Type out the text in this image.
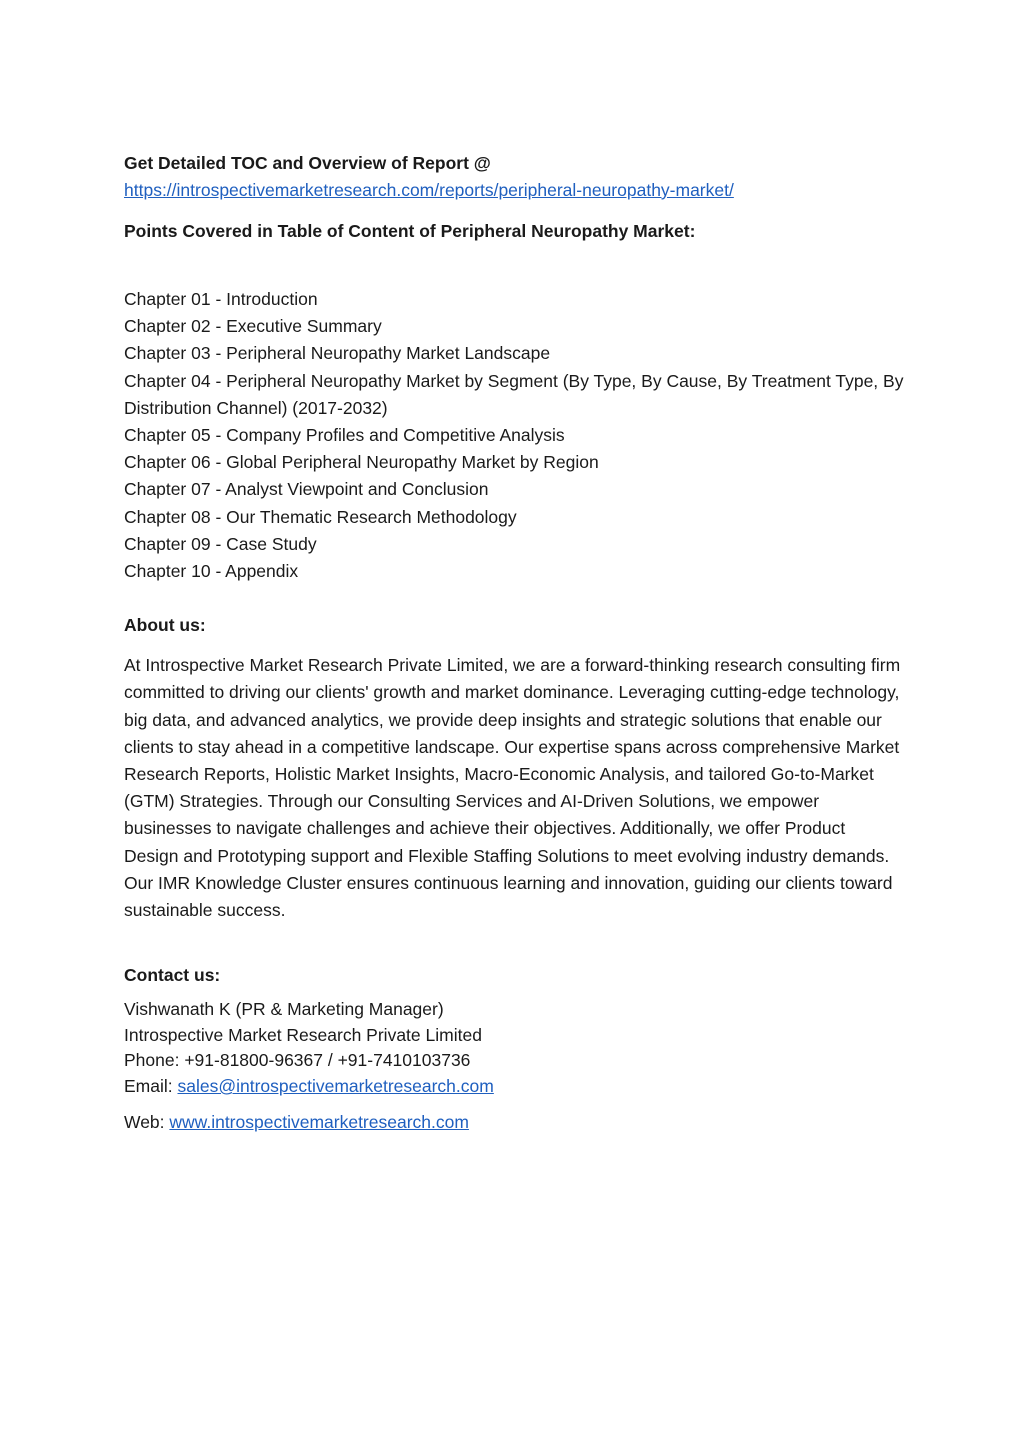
Get Detailed TOC and Overview of Report @

https://introspectivemarketresearch.com/reports/peripheral-neuropathy-market/

Points Covered in Table of Content of Peripheral Neuropathy Market:

Chapter 01 - Introduction
Chapter 02 - Executive Summary
Chapter 03 - Peripheral Neuropathy Market Landscape
Chapter 04 - Peripheral Neuropathy Market by Segment (By Type, By Cause, By Treatment Type, By Distribution Channel) (2017-2032)
Chapter 05 - Company Profiles and Competitive Analysis
Chapter 06 - Global Peripheral Neuropathy Market by Region
Chapter 07 - Analyst Viewpoint and Conclusion
Chapter 08 - Our Thematic Research Methodology
Chapter 09 - Case Study
Chapter 10 - Appendix

About us:

At Introspective Market Research Private Limited, we are a forward-thinking research consulting firm committed to driving our clients' growth and market dominance. Leveraging cutting-edge technology, big data, and advanced analytics, we provide deep insights and strategic solutions that enable our clients to stay ahead in a competitive landscape. Our expertise spans across comprehensive Market Research Reports, Holistic Market Insights, Macro-Economic Analysis, and tailored Go-to-Market (GTM) Strategies. Through our Consulting Services and AI-Driven Solutions, we empower businesses to navigate challenges and achieve their objectives. Additionally, we offer Product Design and Prototyping support and Flexible Staffing Solutions to meet evolving industry demands. Our IMR Knowledge Cluster ensures continuous learning and innovation, guiding our clients toward sustainable success.

Contact us:

Vishwanath K (PR & Marketing Manager)
Introspective Market Research Private Limited
Phone: +91-81800-96367 / +91-7410103736
Email: sales@introspectivemarketresearch.com
Web: www.introspectivemarketresearch.com
